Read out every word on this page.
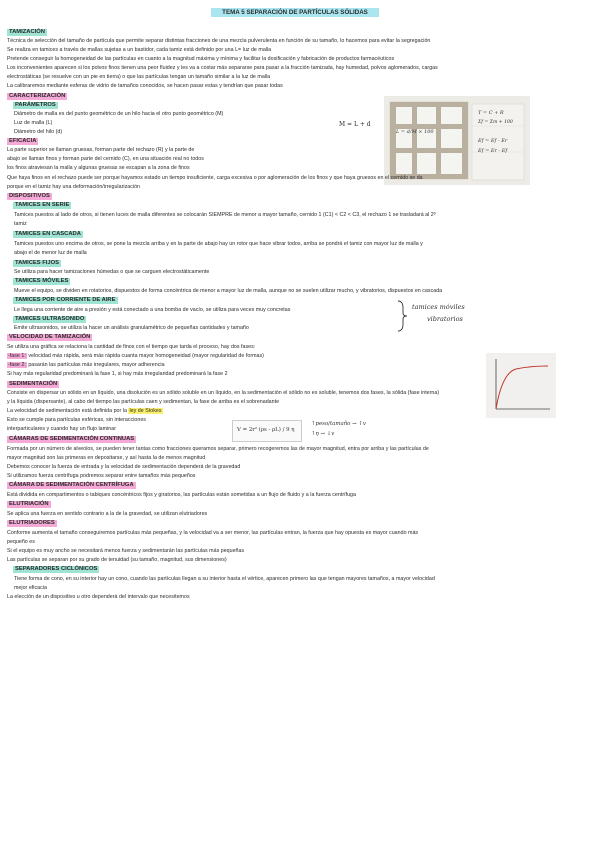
TEMA 5 SEPARACIÓN DE PARTÍCULAS SÓLIDAS
TAMIZACIÓN
Técnica de selección del tamaño de partícula que permite separar distintas fracciones de una mezcla pulverulenta en función de su tamaño, lo hacemos para evitar la segregación
Se realiza en tamices a través de mallas sujetas a un bastidor, cada tamiz está definido por una L= luz de malla
Pretende conseguir la homogeneidad de las partículas en cuanto a la magnitud máxima y mínima y facilitar la dosificación y fabricación de productos farmacéuticos
Los inconvenientes aparecen si los polvos finos tienen una peor fluidez y les va a costar más separarse para pasar a la fracción tamizada, hay humedad, polvos aglomerados, cargas
electrostáticas (se resuelve con un pie en tierra) o que las partículas tengan un tamaño similar a la luz de malla
La calibraremos mediante esferas de vidrio de tamaños conocidos, se hacen pasar estas y tendrían que pasar todas
CARACTERIZACIÓN
PARÁMETROS
Diámetro de malla es del punto geométrico de un hilo hacia el otro punto geométrico (M)
Luz de malla (L)
Diámetro del hilo (d)
M = L + d
L = d/M × 100
T = C + R
Σf = Σm + 100
Ef = Ef - Er
Ef = Er - Ef
EFICACIA
La parte superior se llaman gruesas, forman parte del rechazo (R) y la parte de
abajo se llaman finos y forman parte del cernido (C), en una situación real no todos
los finos atraviesan la malla y algunas gruesas se escapan a la zona de finos
Que haya finos en el rechazo puede ser porque hayamos estado un tiempo insuficiente, carga excesiva o por aglomeración de los finos y que haya gruesos en el cernido se da
porque en el tamiz hay una deformación/irregularización
DISPOSITIVOS
TAMICES EN SERIE
Tamices puestos al lado de otros, si tienen luces de malla diferentes se colocarán SIEMPRE de menor a mayor tamaño, cernido 1 (C1) < C2 < C3, el rechazo 1 se trasladará al 2º
tamiz
TAMICES EN CASCADA
Tamices puestos uno encima de otros, se pone la mezcla arriba y en la parte de abajo hay un rotor que hace vibrar todos, arriba se pondrá el tamiz con mayor luz de malla y
abajo el de menor luz de malla
TAMICES FIJOS
Se utiliza para hacer tamizaciones húmedas o que se carguen electrostáticamente
TAMICES MÓVILES
Mueve el equipo, se dividen en rotatorios, dispuestos de forma concéntrica de menor a mayor luz de malla, aunque no se suelen utilizar mucho, y vibratorios, dispuestos en cascada
TAMICES POR CORRIENTE DE AIRE
Le llega una corriente de aire a presión y está conectado a una bomba de vacío, se utiliza para veces muy concretas
TAMICES ULTRASONIDO
Emite ultrasonidos, se utiliza la hacer un análisis granulamétrico de pequeñas cantidades y tamaño
tamices móviles
vibratorios
VELOCIDAD DE TAMIZACIÓN
Se utiliza una gráfica se relaciona la cantidad de finos con el tiempo que tarda el proceso, hay dos fases:
-fase 1: velocidad más rápida, será más rápida cuanta mayor homogeneidad (mayor regularidad de formas)
-fase 2: pasarán las partículas más irregulares, mayor adherencia
Si hay más regularidad predominará la fase 1, si hay más irregularidad predominará la fase 2
SEDIMENTACIÓN
Consiste en dispersar un sólido en un líquido, una disolución es un sólido soluble en un líquido, en la sedimentación el sólido no es soluble, tenemos dos fases, la sólida (fase interna)
y la líquida (dispersante), al cabo del tiempo las partículas caen y sedimentan, la fase de arriba es el sobrenadante
La velocidad de sedimentación está definida por la ley de Stokes
Esto se cumple para partículas esféricas, sin interacciones
interparticulares y cuando hay un flujo laminar	V = 2r² (ρs - ρL) / 9 η
↑peso/tamaño → ↑v
↑η → ↓v
CÁMARAS DE SEDIMENTACIÓN CONTINUAS
Formada por un número de alveolos, se pueden tener tantas como fracciones queramos separar, primero recogeremos las de mayor magnitud, entra por arriba y las partículas de
mayor magnitud son las primeras en depositarse, y así hasta la de menos magnitud
Debemos conocer la fuerza de entrada y la velocidad de sedimentación dependerá de la gravedad
Si utilizamos fuerza centrífuga podremos separar entre tamaños más pequeños
CÁMARA DE SEDIMENTACIÓN CENTRÍFUGA
Está dividida en compartimentos o tabiques concéntricos fijos y giratorios, las partículas están sometidas a un flujo de fluido y a la fuerza centrífuga
ELUTRIACIÓN
Se aplica una fuerza en sentido contrario a la de la gravedad, se utilizan elutriadores
ELUTRIADORES
Conforme aumenta el tamaño conseguiremos partículas más pequeñas, y la velocidad va a ser menor, las partículas entran, la fuerza que hay opuesta es mayor cuando más
pequeño es
Si el equipo es muy ancho se necesitará menos fuerza y sedimentarán las partículas más pequeñas
Las partículas se separan por su grado de tenuidad (su tamaño, magnitud, sus dimensiones)
SEPARADORES CICLÓNICOS
Tiene forma de cono, en su interior hay un cono, cuando las partículas llegan a su interior hasta el vértice, aparecen primero las que tengan mayores tamaños, a mayor velocidad
mejor eficacia
La elección de un dispositivo u otro dependerá del intervalo que necesitemos
